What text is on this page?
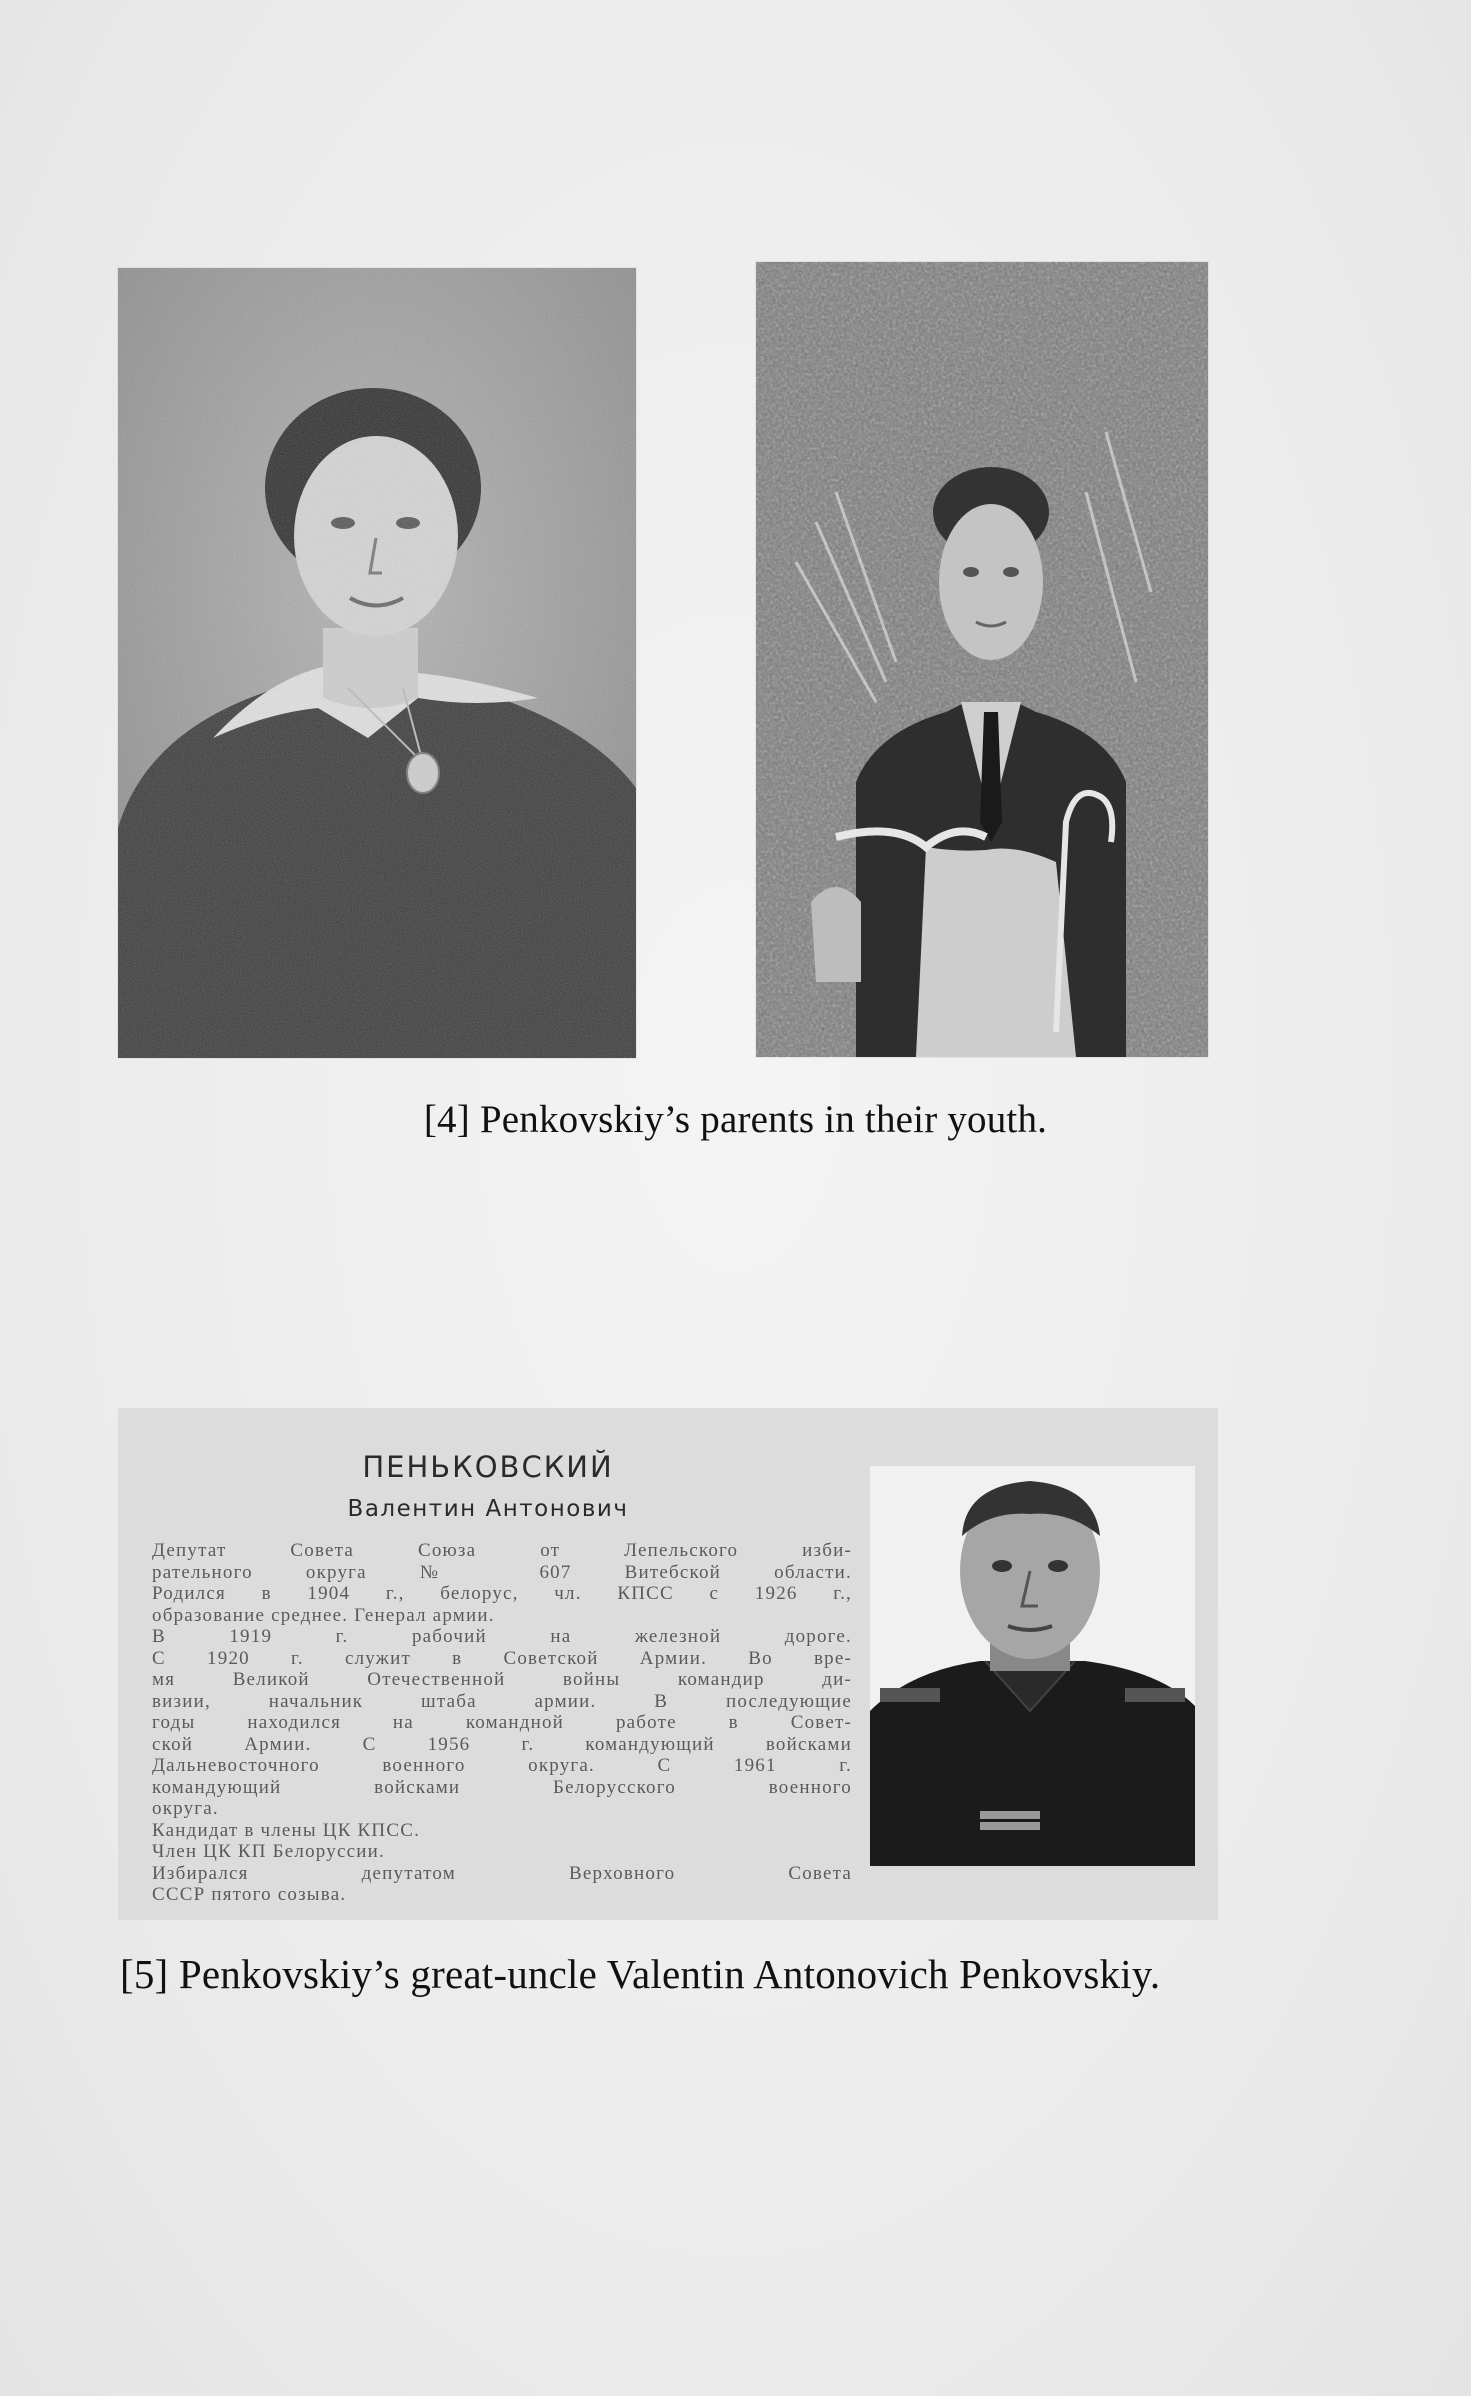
[4] Penkovskiy’s parents in their youth.
ПЕНЬКОВСКИЙ
Валентин Антонович
Депутат Совета Союза от Лепельского изби-
рательного округа № 607 Витебской области.
Родился в 1904 г., белорус, чл. КПСС с 1926 г.,
образование среднее. Генерал армии.
В 1919 г. рабочий на железной дороге.
С 1920 г. служит в Советской Армии. Во вре-
мя Великой Отечественной войны командир ди-
визии, начальник штаба армии. В последующие
годы находился на командной работе в Совет-
ской Армии. С 1956 г. командующий войсками
Дальневосточного военного округа. С 1961 г.
командующий войсками Белорусского военного
округа.
Кандидат в члены ЦК КПСС.
Член ЦК КП Белоруссии.
Избирался депутатом Верховного Совета
СССР пятого созыва.
[5] Penkovskiy’s great-uncle Valentin Antonovich Penkovskiy.
